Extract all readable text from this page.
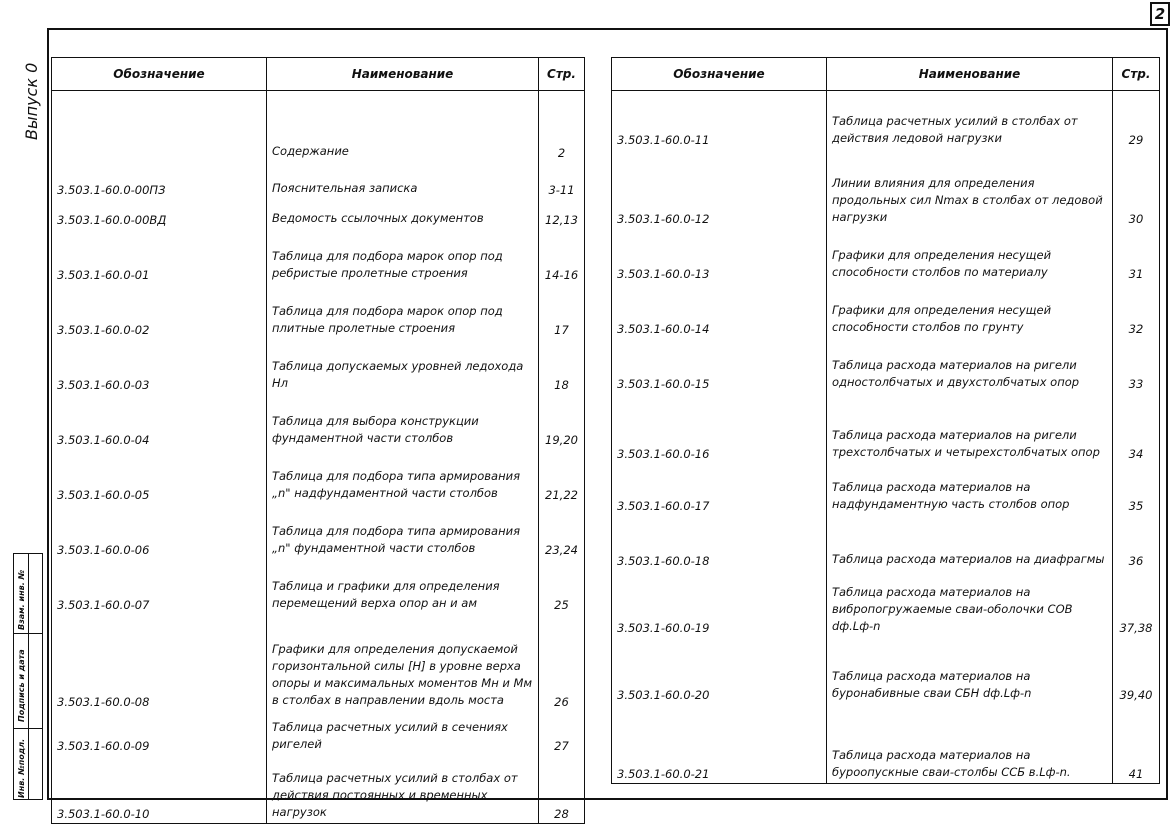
2
Выпуск 0
Инв. №подл.
Подпись и дата
Взам. инв. №
Обозначение	Наименование	Стр.
	Содержание	2
3.503.1-60.0-00ПЗ	Пояснительная записка	3-11
3.503.1-60.0-00ВД	Ведомость ссылочных документов	12,13
3.503.1-60.0-01	Таблица для подбора марок опор под ребристые пролетные строения	14-16
3.503.1-60.0-02	Таблица для подбора марок опор под плитные пролетные строения	17
3.503.1-60.0-03	Таблица допускаемых уровней ледохода Нл	18
3.503.1-60.0-04	Таблица для выбора конструкции фундаментной части столбов	19,20
3.503.1-60.0-05	Таблица для подбора типа армирования „n" надфундаментной части столбов	21,22
3.503.1-60.0-06	Таблица для подбора типа армирования „n" фундаментной части столбов	23,24
3.503.1-60.0-07	Таблица и графики для определения перемещений верха опор aн и aм	25
3.503.1-60.0-08	Графики для определения допускаемой горизонтальной силы [H] в уровне верха опоры и максимальных моментов Mн и Mм в столбах в направлении вдоль моста	26
3.503.1-60.0-09	Таблица расчетных усилий в сечениях ригелей	27
3.503.1-60.0-10	Таблица расчетных усилий в столбах от действия постоянных и временных нагрузок	28
Обозначение	Наименование	Стр.
3.503.1-60.0-11	Таблица расчетных усилий в столбах от действия ледовой нагрузки	29
3.503.1-60.0-12	Линии влияния для определения продольных сил Nmax в столбах от ледовой нагрузки	30
3.503.1-60.0-13	Графики для определения несущей способности столбов по материалу	31
3.503.1-60.0-14	Графики для определения несущей способности столбов по грунту	32
3.503.1-60.0-15	Таблица расхода материалов на ригели одностолбчатых и двухстолбчатых опор	33
3.503.1-60.0-16	Таблица расхода материалов на ригели трехстолбчатых и четырехстолбчатых опор	34
3.503.1-60.0-17	Таблица расхода материалов на надфундаментную часть столбов опор	35
3.503.1-60.0-18	Таблица расхода материалов на диафрагмы	36
3.503.1-60.0-19	Таблица расхода материалов на вибропогружаемые сваи-оболочки СОВ dф.Lф-n	37,38
3.503.1-60.0-20	Таблица расхода материалов на буронабивные сваи СБН dф.Lф-n	39,40
3.503.1-60.0-21	Таблица расхода материалов на буроопускные сваи-столбы ССБ в.Lф-n.	41
